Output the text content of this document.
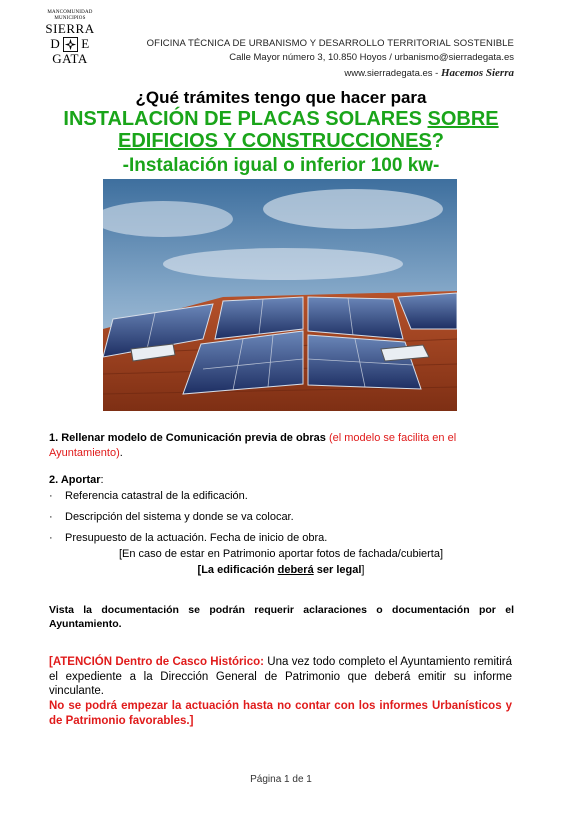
MANCOMUNIDAD
MUNICIPIOS
SIERRA
D E
GATA
OFICINA TÉCNICA DE URBANISMO Y DESARROLLO TERRITORIAL SOSTENIBLE
Calle Mayor número 3, 10.850 Hoyos / urbanismo@sierradegata.es
www.sierradegata.es - Hacemos Sierra
¿Qué trámites tengo que hacer para
INSTALACIÓN DE PLACAS SOLARES SOBRE
EDIFICIOS Y CONSTRUCCIONES?
-Instalación igual o inferior 100 kw-
1. Rellenar modelo de Comunicación previa de obras (el modelo se facilita en el Ayuntamiento).
2. Aportar:
· Referencia catastral de la edificación.
· Descripción del sistema y donde se va colocar.
· Presupuesto de la actuación. Fecha de inicio de obra.
[En caso de estar en Patrimonio aportar fotos de fachada/cubierta]
[La edificación deberá ser legal]
Vista la documentación se podrán requerir aclaraciones o documentación por el Ayuntamiento.
[ATENCIÓN Dentro de Casco Histórico: Una vez todo completo el Ayuntamiento remitirá el expediente a la Dirección General de Patrimonio que deberá emitir su informe vinculante.
No se podrá empezar la actuación hasta no contar con los informes Urbanísticos y de Patrimonio favorables.]
Página 1 de 1
